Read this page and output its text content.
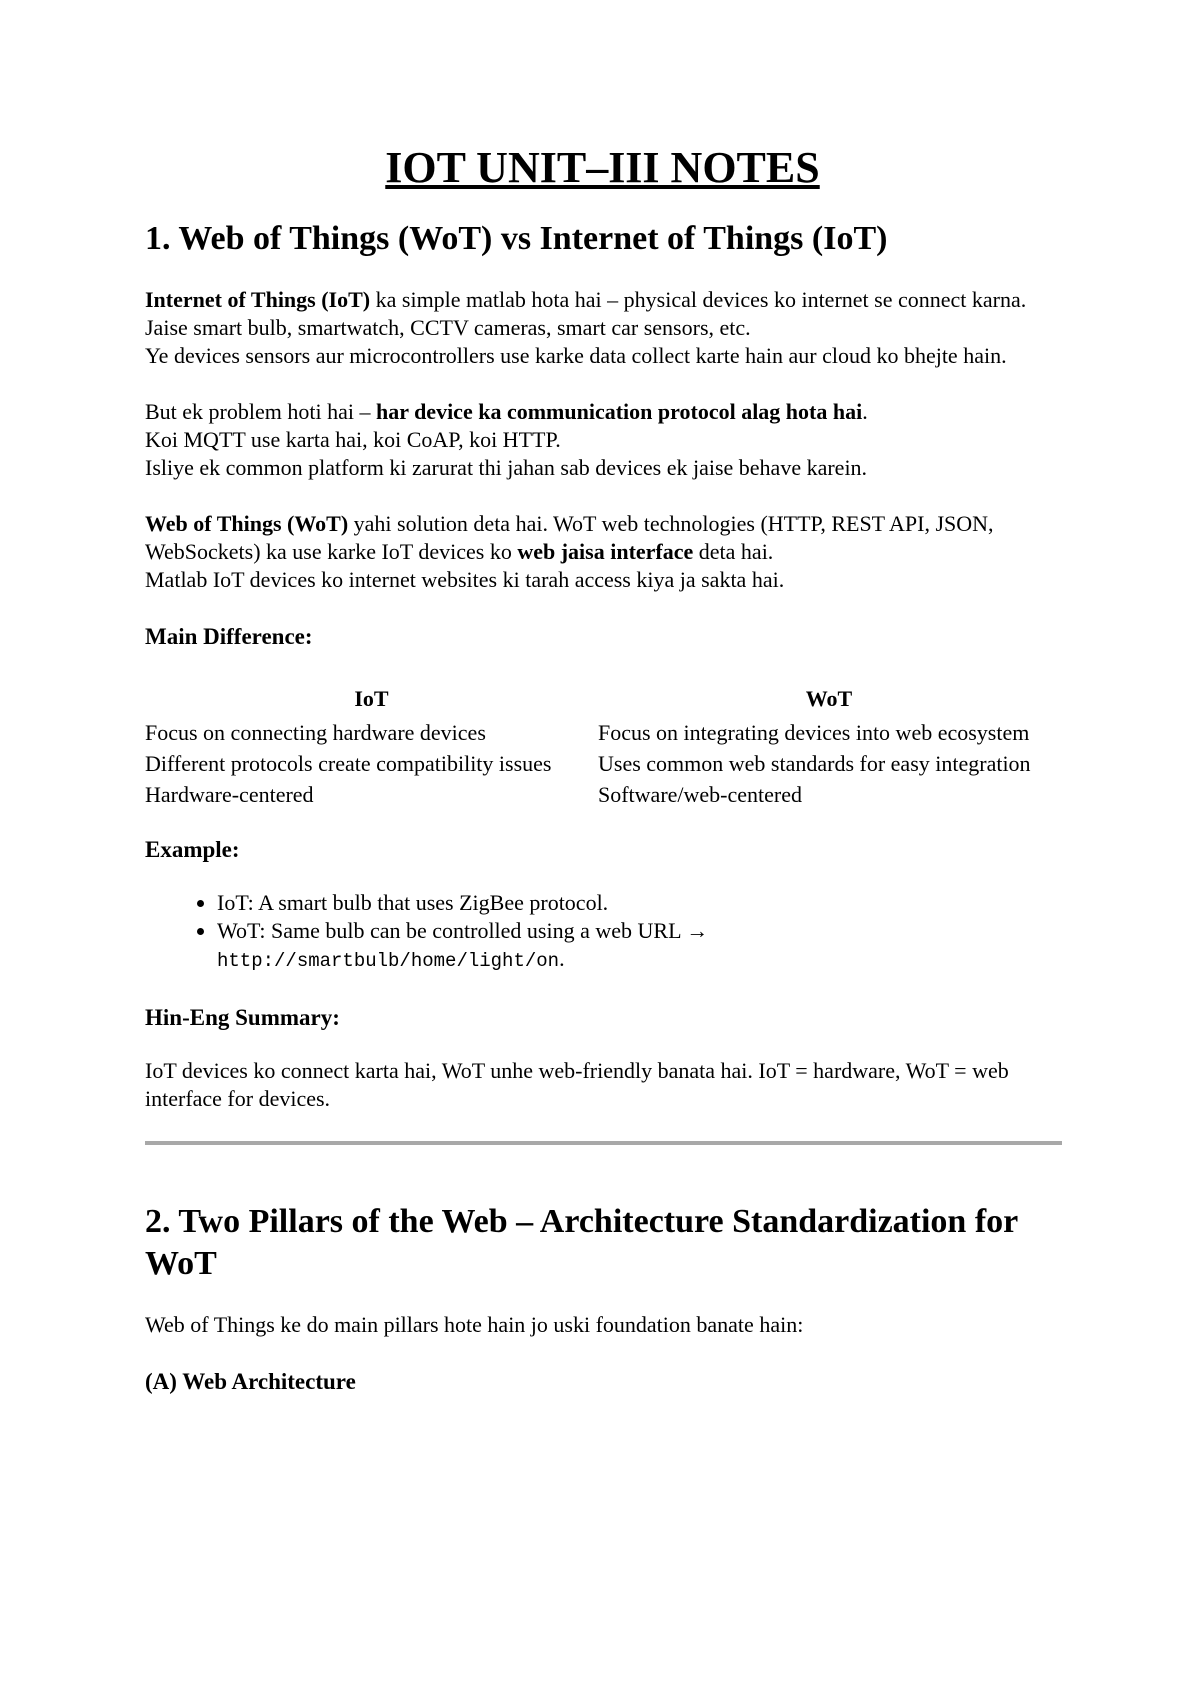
IOT UNIT–III NOTES
1. Web of Things (WoT) vs Internet of Things (IoT)

Internet of Things (IoT) ka simple matlab hota hai – physical devices ko internet se connect karna. Jaise smart bulb, smartwatch, CCTV cameras, smart car sensors, etc.
Ye devices sensors aur microcontrollers use karke data collect karte hain aur cloud ko bhejte hain.

But ek problem hoti hai – har device ka communication protocol alag hota hai.
Koi MQTT use karta hai, koi CoAP, koi HTTP.
Isliye ek common platform ki zarurat thi jahan sab devices ek jaise behave karein.

Web of Things (WoT) yahi solution deta hai. WoT web technologies (HTTP, REST API, JSON, WebSockets) ka use karke IoT devices ko web jaisa interface deta hai.
Matlab IoT devices ko internet websites ki tarah access kiya ja sakta hai.

Main Difference:
IoT	WoT
Focus on connecting hardware devices	Focus on integrating devices into web ecosystem
Different protocols create compatibility issues	Uses common web standards for easy integration
Hardware-centered	Software/web-centered
Example:
• IoT: A smart bulb that uses ZigBee protocol.
• WoT: Same bulb can be controlled using a web URL → http://smartbulb/home/light/on.
Hin-Eng Summary:

IoT devices ko connect karta hai, WoT unhe web-friendly banata hai. IoT = hardware, WoT = web interface for devices.

2. Two Pillars of the Web – Architecture Standardization for WoT

Web of Things ke do main pillars hote hain jo uski foundation banate hain:

(A) Web Architecture
